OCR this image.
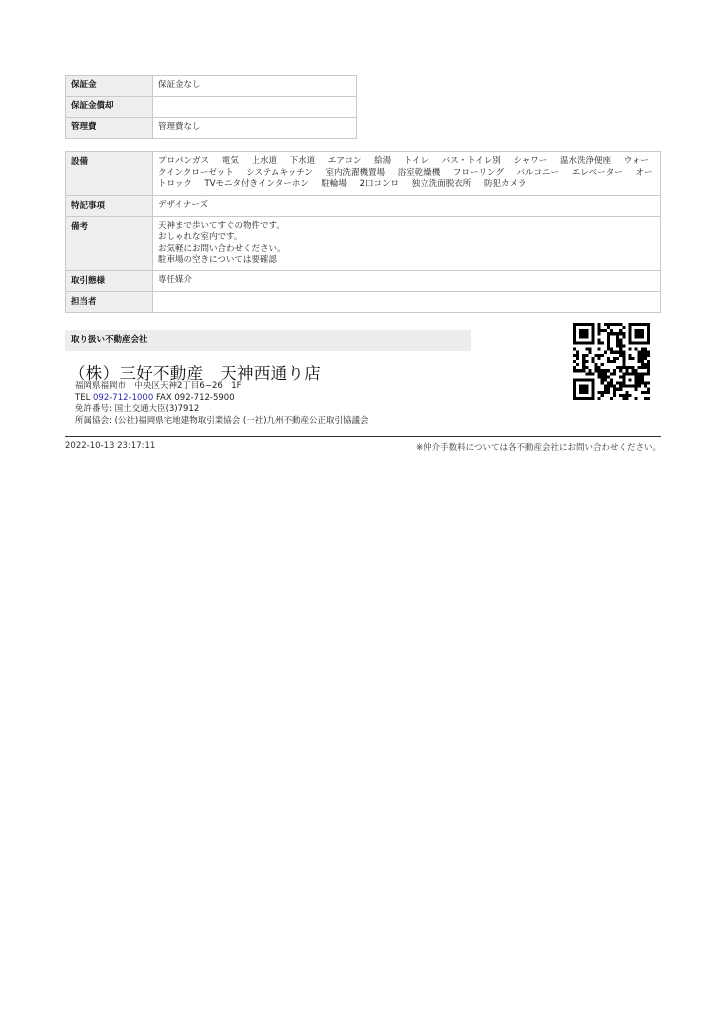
保証金	保証金なし
保証金償却	
管理費	管理費なし
設備	プロパンガス 電気 上水道 下水道 エアコン 給湯 トイレ バス・トイレ別 シャワー 温水洗浄便座 ウォークインクローゼット システムキッチン 室内洗濯機置場 浴室乾燥機 フローリング バルコニー エレベーター オートロック TVモニタ付きインターホン 駐輪場 2口コンロ 独立洗面脱衣所 防犯カメラ

特記事項	デザイナーズ
備考	天神まで歩いてすぐの物件です。
おしゃれな室内です。
お気軽にお問い合わせください。
駐車場の空きについては要確認

取引態様	専任媒介
担当者	
取り扱い不動産会社
（株）三好不動産　天神西通り店
福岡県福岡市　中央区天神2丁目6−26　1F
TEL 092-712-1000 FAX 092-712-5900
免許番号: 国土交通大臣(3)7912
所属協会: (公社)福岡県宅地建物取引業協会 (一社)九州不動産公正取引協議会
2022-10-13 23:17:11	※仲介手数料については各不動産会社にお問い合わせください。
